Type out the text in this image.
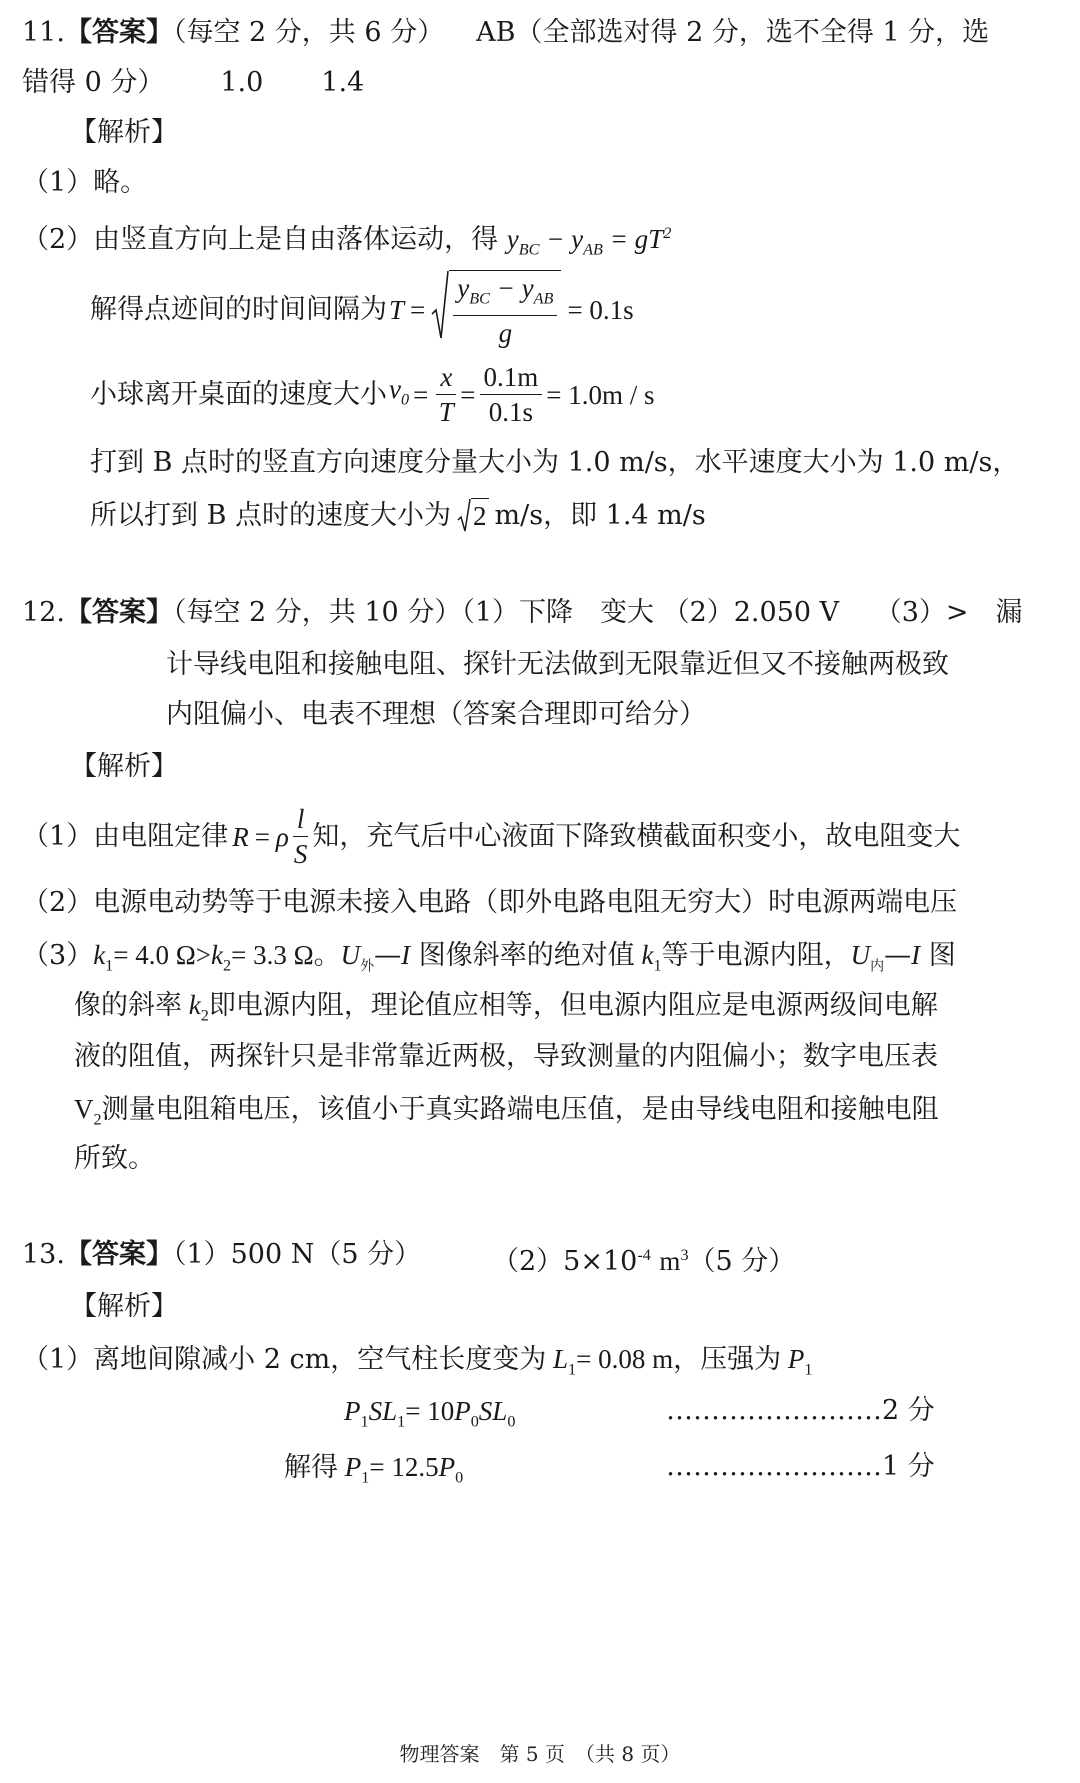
11.【答案】（每空 2 分，共 6 分） AB（全部选对得 2 分，选不全得 1 分，选
错得 0 分） 1.0 1.4
【解析】
（1）略。
（2）由竖直方向上是自由落体运动，得 $y_{BC} - y_{AB} = gT^2$
解得点迹间的时间间隔为 $T = \frac{y_{BC} - y_{AB}}{g} = 0.1s$
小球离开桌面的速度大小 $v_0 = \frac{x}{T} = \frac{0.1m}{0.1s} = 1.0m / s$
打到 B 点时的竖直方向速度分量大小为 1.0 m/s，水平速度大小为 1.0 m/s，
所以打到 B 点时的速度大小为 2 m/s，即 1.4 m/s
12.【答案】（每空 2 分，共 10 分）（1）下降　变大 （2）2.050 V　 （3）>　漏
计导线电阻和接触电阻、探针无法做到无限靠近但又不接触两极致
内阻偏小、电表不理想（答案合理即可给分）
【解析】
（1）由电阻定律 R = ρ $\frac{l}{S}$ 知，充气后中心液面下降致横截面积变小，故电阻变大
（2）电源电动势等于电源未接入电路（即外电路电阻无穷大）时电源两端电压
$(3)k_1= 4.0$ $\Omega>k_2= 3.3$ Ω。$U_外—I$ 图像斜率的绝对值 $k_1$等于电源内阻，$U_内—I$ 图
像的斜率 $k_2$即电源内阻，理论值应相等，但电源内阻应是电源两级间电解
液的阻值，两探针只是非常靠近两极，导致测量的内阻偏小；数字电压表
$V_2$测量电阻箱电压，该值小于真实路端电压值，是由导线电阻和接触电阻
所致。
13.【答案】（1）500 N（5 分）	$(2)5\times 10^{-4}$ $m^3(5$ 分）
【解析】
（1）离地间隙减小 2 cm，空气柱长度变为 $L_1= 0.08$ m，压强为 $P_1$
$P_1SL_1= 10P_0SL_0$	……………………2 分
解得 $P_1= 12.5P_0$	……………………1 分
物理答案　第 5 页　（共 8 页）
